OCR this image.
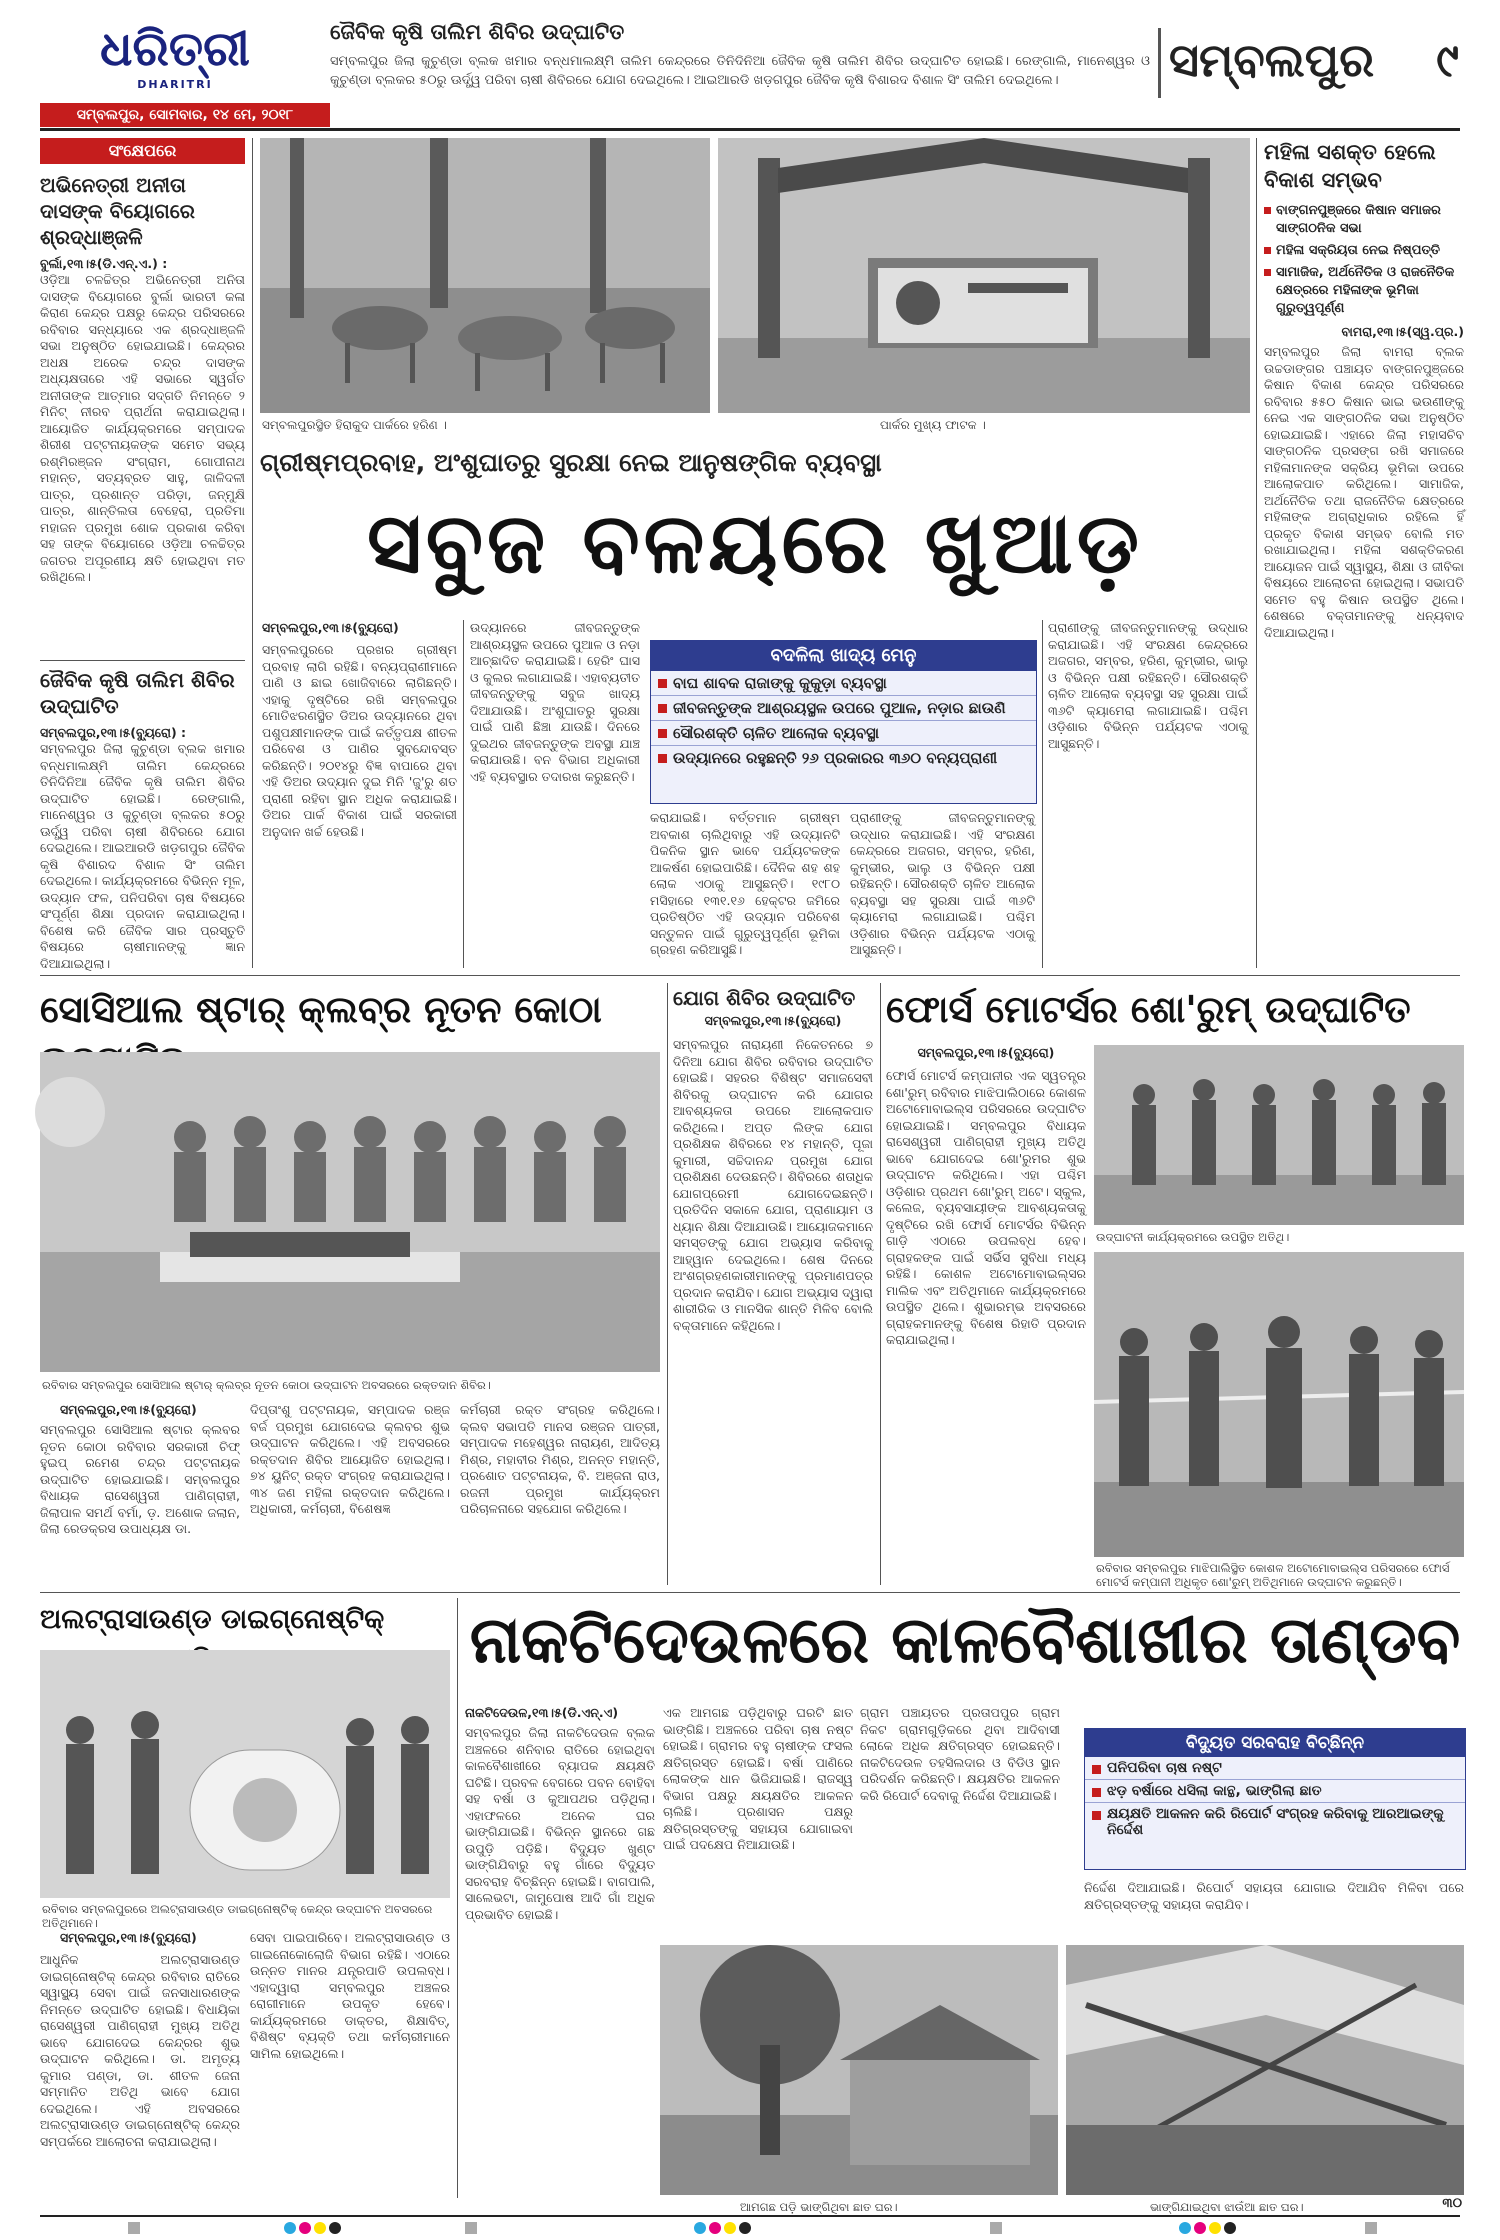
ଧରିତ୍ରୀ
DHARITRI
ସମ୍ବଲପୁର, ସୋମବାର, ୧୪ ମେ, ୨୦୧୮
ଜୈବିକ କୃଷି ତାଲିମ ଶିବିର ଉଦ୍‌ଘାଟିତ
ସମ୍ବଲପୁର ଜିଲା କୁଚୁଣ୍ଡା ବ୍ଲକ ଖମାର ବନ୍ଧମାଲକ୍ଷ୍ମି ତାଲିମ କେନ୍ଦ୍ରରେ ତିନିଦିନିଆ ଜୈବିକ କୃଷି ତାଲିମ ଶିବିର ଉଦ୍‌ଘାଟିତ ହୋଇଛି। ରେଙ୍ଗାଲି, ମାନେଶ୍ୱର ଓ କୁଚୁଣ୍ଡା ବ୍ଲକର ୫୦ରୁ ଊର୍ଦ୍ଧ୍ୱ ପରିବା ଚାଷୀ ଶିବିରରେ ଯୋଗ ଦେଇଥିଲେ। ଆଇଆରଡି ଖଡ଼ଗପୁର ଜୈବିକ କୃଷି ବିଶାରଦ ବିଶାଳ ସିଂ ତାଲିମ ଦେଇଥିଲେ।	ସମ୍ବଲପୁର ୯
ସଂକ୍ଷେପରେ
ଅଭିନେତ୍ରୀ ଅନୀତା ଦାସଙ୍କ ବିୟୋଗରେ ଶ୍ରଦ୍ଧାଞ୍ଜଳି
ବୁର୍ଲା,୧୩।୫(ଡି.ଏନ୍‌.ଏ.) :
ଓଡ଼ିଆ ଚଳଚ୍ଚିତ୍ର ଅଭିନେତ୍ରୀ ଅନିତା ଦାସଙ୍କ ବିୟୋଗରେ ବୁର୍ଲା ଭାରତୀ କଳା କିରାଣ କେନ୍ଦ୍ର ପକ୍ଷରୁ କେନ୍ଦ୍ର ପରିସରରେ ରବିବାର ସନ୍ଧ୍ୟାରେ ଏକ ଶ୍ରଦ୍ଧାଞ୍ଜଳି ସଭା ଅନୁଷ୍ଠିତ ହୋଇଯାଇଛି। କେନ୍ଦ୍ରର ଅଧକ୍ଷ ଅରେକ ଚନ୍ଦ୍ର ଦାସଙ୍କ ଅଧ୍ୟକ୍ଷତାରେ ଏହି ସଭାରେ ସ୍ୱର୍ଗତ ଅନୀତାଙ୍କ ଆତ୍ମାର ସଦ୍‌ଗତି ନିମନ୍ତେ ୨ ମିନିଟ୍ ନୀରବ ପ୍ରାର୍ଥନା କରାଯାଇଥିଲା। ଆୟୋଜିତ କାର୍ଯ୍ୟକ୍ରମରେ ସମ୍ପାଦକ ଶିରୀଶ ପଟ୍ଟନାୟକଙ୍କ ସମେତ ସଭ୍ୟ ରଶ୍ମିରଞ୍ଜନ ସଂଗ୍ରାମ, ଗୋପୀନାଥ ମହାନ୍ତ, ସତ୍ୟବ୍ରତ ସାହୁ, ଜାଳିଦଳୀ ପାତ୍ର, ପ୍ରଶାନ୍ତ ପରିଡ଼ା, ଜନ୍ମୁକ୍ଷି ପାତ୍ର, ଶାନ୍ତିଲତା ବେହେରା, ପ୍ରତିମା ମହାଜନ ପ୍ରମୁଖ ଶୋକ ପ୍ରକାଶ କରିବା ସହ ତାଙ୍କ ବିୟୋଗରେ ଓଡ଼ିଆ ଚଳଚ୍ଚିତ୍ର ଜଗତର ଅପୂରଣୀୟ କ୍ଷତି ହୋଇଥିବା ମତ ରଖିଥିଲେ।
ଜୈବିକ କୃଷି ତାଲିମ ଶିବିର ଉଦ୍‌ଘାଟିତ
ସମ୍ବଲପୁର,୧୩।୫(ବ୍ୟୁରୋ) :
ସମ୍ବଲପୁର ଜିଲା କୁଚୁଣ୍ଡା ବ୍ଲକ ଖମାର ବନ୍ଧମାଲକ୍ଷ୍ମି ତାଲିମ କେନ୍ଦ୍ରରେ ତିନିଦିନିଆ ଜୈବିକ କୃଷି ତାଲିମ ଶିବିର ଉଦ୍‌ଘାଟିତ ହୋଇଛି। ରେଙ୍ଗାଲି, ମାନେଶ୍ୱର ଓ କୁଚୁଣ୍ଡା ବ୍ଲକର ୫୦ରୁ ଊର୍ଦ୍ଧ୍ୱ ପରିବା ଚାଷୀ ଶିବିରରେ ଯୋଗ ଦେଇଥିଲେ। ଆଇଆରଡି ଖଡ଼ଗପୁର ଜୈବିକ କୃଷି ବିଶାରଦ ବିଶାଳ ସିଂ ତାଲିମ ଦେଇଥିଲେ। କାର୍ଯ୍ୟକ୍ରମରେ ବିଭିନ୍ନ ମୂଳ, ଉଦ୍ୟାନ ଫଳ, ପନିପରିବା ଚାଷ ବିଷୟରେ ସଂପୂର୍ଣ୍ଣ ଶିକ୍ଷା ପ୍ରଦାନ କରାଯାଇଥିଲା। ବିଶେଷ କରି ଜୈବିକ ସାର ପ୍ରସ୍ତୁତି ବିଷୟରେ ଚାଷୀମାନଙ୍କୁ ଜ୍ଞାନ ଦିଆଯାଇଥିଲା।
ସମ୍ବଲପୁରସ୍ଥିତ ହିରାକୁଦ ପାର୍କରେ ହରିଣ ।	ପାର୍କର ମୁଖ୍ୟ ଫାଟକ ।
ଗ୍ରୀଷ୍ମପ୍ରବାହ, ଅଂଶୁଘାତରୁ ସୁରକ୍ଷା ନେଇ ଆନୁଷଙ୍ଗିକ ବ୍ୟବସ୍ଥା
ସବୁଜ ବଳୟରେ ଖୁଆଡ଼
ସମ୍ବଲପୁର,୧୩।୫(ବ୍ୟୁରୋ)
ସମ୍ବଲପୁରରେ ପ୍ରଖର ଗ୍ରୀଷ୍ମ ପ୍ରବାହ ଲାଗି ରହିଛି। ବନ୍ୟପ୍ରାଣୀମାନେ ପାଣି ଓ ଛାଇ ଖୋଜିବାରେ ଲାଗିଛନ୍ତି। ଏହାକୁ ଦୃଷ୍ଟିରେ ରଖି ସମ୍ବଲପୁର ମୋତିଝରଣସ୍ଥିତ ଡିଅର ଉଦ୍ୟାନରେ ଥିବା ପଶୁପକ୍ଷୀମାନଙ୍କ ପାଇଁ କର୍ତ୍ତୃପକ୍ଷ ଶୀତଳ ପରିବେଶ ଓ ପାଣିର ସୁବନ୍ଦୋବସ୍ତ କରିଛନ୍ତି। ୨୦୧୪ରୁ ବିଜ୍ଞ ବାପାରେ ଥିବା ଏହି ଡିଅର ଉଦ୍ୟାନ ଦୁଇ ମିନି 'ଜୁ'ରୁ ଶତ ପ୍ରାଣୀ ରହିବା ସ୍ଥାନ ଅଧିକ କରାଯାଇଛି। ଡିଅର ପାର୍କ ବିକାଶ ପାଇଁ ସରକାରୀ ଅନୁଦାନ ଖର୍ଚ୍ଚ ହେଉଛି।
ଉଦ୍ୟାନରେ ଜୀବଜନ୍ତୁଙ୍କ ଆଶ୍ରୟସ୍ଥଳ ଉପରେ ପୁଆଳ ଓ ନଡ଼ା ଆଚ୍ଛାଦିତ କରାଯାଇଛି। ହେରିଂ ଘାସ ଓ କୁଲର ଲଗାଯାଇଛି। ଏହାବ୍ୟତୀତ ଜୀବଜନ୍ତୁଙ୍କୁ ସବୁଜ ଖାଦ୍ୟ ଦିଆଯାଉଛି। ଅଂଶୁଘାତରୁ ସୁରକ୍ଷା ପାଇଁ ପାଣି ଛିଞ୍ଚା ଯାଉଛି। ଦିନରେ ଦୁଇଥର ଜୀବଜନ୍ତୁଙ୍କ ଅବସ୍ଥା ଯାଞ୍ଚ କରାଯାଉଛି। ବନ ବିଭାଗ ଅଧିକାରୀ ଏହି ବ୍ୟବସ୍ଥାର ତଦାରଖ କରୁଛନ୍ତି।
ବଦଳିଲା ଖାଦ୍ୟ ମେନୁ
ବାଘ ଶାବକ ରାଜାଙ୍କୁ କୁକୁଡ଼ା ବ୍ୟବସ୍ଥା
ଜୀବଜନ୍ତୁଙ୍କ ଆଶ୍ରୟସ୍ଥଳ ଉପରେ ପୁଆଳ, ନଡ଼ାର ଛାଉଣି
ସୌରଶକ୍ତି ଚାଳିତ ଆଲୋକ ବ୍ୟବସ୍ଥା
ଉଦ୍ୟାନରେ ରହୁଛନ୍ତି ୨୬ ପ୍ରକାରର ୩୬୦ ବନ୍ୟପ୍ରାଣୀ
କରାଯାଇଛି। ବର୍ତ୍ତମାନ ଗ୍ରୀଷ୍ମ ଅବକାଶ ଚାଲିଥିବାରୁ ଏହି ଉଦ୍ୟାନଟି ପିକନିକ ସ୍ଥାନ ଭାବେ ପର୍ଯ୍ୟଟକଙ୍କ ଆକର୍ଷଣ ହୋଇପାରିଛି। ଦୈନିକ ଶହ ଶହ ଲୋକ ଏଠାକୁ ଆସୁଛନ୍ତି। ୧୯୮୦ ମସିହାରେ ୧୩୧.୧୬ ହେକ୍ଟର ଜମିରେ ପ୍ରତିଷ୍ଠିତ ଏହି ଉଦ୍ୟାନ ପରିବେଶ ସନ୍ତୁଳନ ପାଇଁ ଗୁରୁତ୍ୱପୂର୍ଣ୍ଣ ଭୂମିକା ଗ୍ରହଣ କରିଆସୁଛି।
ପ୍ରାଣୀଙ୍କୁ ଜୀବଜନ୍ତୁମାନଙ୍କୁ ଉଦ୍ଧାର କରାଯାଇଛି। ଏହି ସଂରକ୍ଷଣ କେନ୍ଦ୍ରରେ ଅଜଗର, ସମ୍ବର, ହରିଣ, କୁମ୍ଭୀର, ଭାଲୁ ଓ ବିଭିନ୍ନ ପକ୍ଷୀ ରହିଛନ୍ତି। ସୌରଶକ୍ତି ଚାଳିତ ଆଲୋକ ବ୍ୟବସ୍ଥା ସହ ସୁରକ୍ଷା ପାଇଁ ୩୬ଟି କ୍ୟାମେରା ଲଗାଯାଇଛି। ପଶ୍ଚିମ ଓଡ଼ିଶାର ବିଭିନ୍ନ ପର୍ଯ୍ୟଟକ ଏଠାକୁ ଆସୁଛନ୍ତି।
ପ୍ରାଣୀଙ୍କୁ ଜୀବଜନ୍ତୁମାନଙ୍କୁ ଉଦ୍ଧାର କରାଯାଇଛି। ଏହି ସଂରକ୍ଷଣ କେନ୍ଦ୍ରରେ ଅଜଗର, ସମ୍ବର, ହରିଣ, କୁମ୍ଭୀର, ଭାଲୁ ଓ ବିଭିନ୍ନ ପକ୍ଷୀ ରହିଛନ୍ତି। ସୌରଶକ୍ତି ଚାଳିତ ଆଲୋକ ବ୍ୟବସ୍ଥା ସହ ସୁରକ୍ଷା ପାଇଁ ୩୬ଟି କ୍ୟାମେରା ଲଗାଯାଇଛି। ପଶ୍ଚିମ ଓଡ଼ିଶାର ବିଭିନ୍ନ ପର୍ଯ୍ୟଟକ ଏଠାକୁ ଆସୁଛନ୍ତି।
ମହିଳା ସଶକ୍ତ ହେଲେ ବିକାଶ ସମ୍ଭବ
ବାଙ୍ଗନପୁଞ୍ଜରେ କିଷାନ ସମାଜର ସାଙ୍ଗଠନିକ ସଭା
ମହିଳା ସକ୍ରିୟତା ନେଇ ନିଷ୍ପତ୍ତି
ସାମାଜିକ, ଅର୍ଥନୈତିକ ଓ ରାଜନୈତିକ କ୍ଷେତ୍ରରେ ମହିଳାଙ୍କ ଭୂମିକା ଗୁରୁତ୍ୱପୂର୍ଣ୍ଣ
ବାମରା,୧୩।୫(ସ୍ୱ.ପ୍ର.)
ସମ୍ବଲପୁର ଜିଲା ବାମରା ବ୍ଲକ ଉଚ୍ଚଡାଙ୍ଗର ପଞ୍ଚାୟତ ବାଙ୍ଗନପୁଞ୍ଜରେ କିଷାନ ବିକାଶ କେନ୍ଦ୍ର ପରିସରରେ ରବିବାର ୫୫୦ କିଷାନ ଭାଇ ଭଉଣୀଙ୍କୁ ନେଇ ଏକ ସାଙ୍ଗଠନିକ ସଭା ଅନୁଷ୍ଠିତ ହୋଇଯାଇଛି। ଏହାରେ ଜିଲା ମହାସଚିବ ସାଙ୍ଗଠନିକ ପ୍ରସଙ୍ଗ ରଖି ସମାଜରେ ମହିଳାମାନଙ୍କ ସକ୍ରିୟ ଭୂମିକା ଉପରେ ଆଲୋକପାତ କରିଥିଲେ। ସାମାଜିକ, ଅର୍ଥନୈତିକ ତଥା ରାଜନୈତିକ କ୍ଷେତ୍ରରେ ମହିଳାଙ୍କ ଅଗ୍ରାଧିକାର ରହିଲେ ହିଁ ପ୍ରକୃତ ବିକାଶ ସମ୍ଭବ ବୋଲି ମତ ରଖାଯାଇଥିଲା। ମହିଳା ସଶକ୍ତିକରଣ ଆୟୋଜନ ପାଇଁ ସ୍ୱାସ୍ଥ୍ୟ, ଶିକ୍ଷା ଓ ଜୀବିକା ବିଷୟରେ ଆଲୋଚନା ହୋଇଥିଲା। ସଭାପତି ସମେତ ବହୁ କିଷାନ ଉପସ୍ଥିତ ଥିଲେ। ଶେଷରେ ବକ୍ତାମାନଙ୍କୁ ଧନ୍ୟବାଦ ଦିଆଯାଇଥିଲା।
ସୋସିଆଲ ଷ୍ଟାର୍ କ୍ଲବ୍‌ର ନୂତନ କୋଠା
ରବିବାର ସମ୍ବଲପୁର ସୋସିଆଲ ଷ୍ଟାର୍ କ୍ଲବ୍‌ର ନୂତନ କୋଠା ଉଦ୍‌ଘାଟନ ଅବସରରେ ରକ୍ତଦାନ ଶିବିର।
ସମ୍ବଲପୁର,୧୩।୫(ବ୍ୟୁରୋ)
ସମ୍ବଲପୁର ସୋସିଆଲ ଷ୍ଟାର କ୍ଲବର ନୂତନ କୋଠା ରବିବାର ସରକାରୀ ଚିଫ୍ ହୁଇପ୍ ରମେଶ ଚନ୍ଦ୍ର ପଟ୍ଟନାୟକ ଉଦ୍‌ଘାଟିତ ହୋଇଯାଇଛି। ସମ୍ବଲପୁର ବିଧାୟକ ରାସେଶ୍ୱରୀ ପାଣିଗ୍ରାହୀ, ଜିଲାପାଳ ସମର୍ଥ ବର୍ମା, ଡ଼. ଅଶୋକ ଜଲାନ, ଜିଲା ରେଡକ୍ରସ ଉପାଧ୍ୟକ୍ଷ ଡା.
ଦିପ୍ତାଂଶୁ ପଟ୍ଟନାୟକ, ସମ୍ପାଦକ ରଞ୍ଜ ବର୍ଜ ପ୍ରମୁଖ ଯୋଗଦେଇ କ୍ଲବର ଶୁଭ ଉଦ୍‌ଘାଟନ କରିଥିଲେ। ଏହି ଅବସରରେ ରକ୍ତଦାନ ଶିବିର ଆୟୋଜିତ ହୋଇଥିଲା। ୭୪ ୟୁନିଟ୍ ରକ୍ତ ସଂଗ୍ରହ କରାଯାଇଥିଲା। ୩୪ ଜଣ ମହିଳା ରକ୍ତଦାନ କରିଥିଲେ। ଅଧିକାରୀ, କର୍ମଚାରୀ, ବିଶେଷଜ୍ଞ
କର୍ମଚାରୀ ରକ୍ତ ସଂଗ୍ରହ କରିଥିଲେ। କ୍ଲବ ସଭାପତି ମାନସ ରଞ୍ଜନ ପାତ୍ରୀ, ସମ୍ପାଦକ ମହେଶ୍ୱର ନାରାୟଣ, ଆଦିତ୍ୟ ମିଶ୍ର, ମହାବୀର ମିଶ୍ର, ଅନନ୍ତ ମହାନ୍ତି, ପ୍ରଶୋତ ପଟ୍ଟନାୟକ, ବି. ଅଞ୍ଜନା ରାଓ, ରଜନୀ ପ୍ରମୁଖ କାର୍ଯ୍ୟକ୍ରମ ପରିଚାଳନାରେ ସହଯୋଗ କରିଥିଲେ।
ଯୋଗ ଶିବିର ଉଦ୍‌ଘାଟିତ
ସମ୍ବଲପୁର,୧୩।୫(ବ୍ୟୁରୋ)
ସମ୍ବଲପୁର ନାରାୟଣୀ ନିକେତନରେ ୭ ଦିନିଆ ଯୋଗ ଶିବିର ରବିବାର ଉଦ୍‌ଘାଟିତ ହୋଇଛି। ସହରର ବିଶିଷ୍ଟ ସମାଜସେବୀ ଶିବିରକୁ ଉଦ୍‌ଘାଟନ କରି ଯୋଗର ଆବଶ୍ୟକତା ଉପରେ ଆଲୋକପାତ କରିଥିଲେ। ଅପ୍ତ ଲିଙ୍କ ଯୋଗ ପ୍ରଶିକ୍ଷକ ଶିବିରରେ ୧୪ ମହାନ୍ତି, ପୂଜା କୁମାରୀ, ସଚ୍ଚିଦାନନ୍ଦ ପ୍ରମୁଖ ଯୋଗ ପ୍ରଶିକ୍ଷଣ ଦେଉଛନ୍ତି। ଶିବିରରେ ଶତାଧିକ ଯୋଗପ୍ରେମୀ ଯୋଗଦେଇଛନ୍ତି। ପ୍ରତିଦିନ ସକାଳେ ଯୋଗ, ପ୍ରାଣାୟାମ ଓ ଧ୍ୟାନ ଶିକ୍ଷା ଦିଆଯାଉଛି। ଆୟୋଜକମାନେ ସମସ୍ତଙ୍କୁ ଯୋଗ ଅଭ୍ୟାସ କରିବାକୁ ଆହ୍ୱାନ ଦେଇଥିଲେ। ଶେଷ ଦିନରେ ଅଂଶଗ୍ରହଣକାରୀମାନଙ୍କୁ ପ୍ରମାଣପତ୍ର ପ୍ରଦାନ କରାଯିବ। ଯୋଗ ଅଭ୍ୟାସ ଦ୍ୱାରା ଶାରୀରିକ ଓ ମାନସିକ ଶାନ୍ତି ମିଳିବ ବୋଲି ବକ୍ତାମାନେ କହିଥିଲେ।
ଫୋର୍ସ ମୋଟର୍ସର ଶୋ'ରୁମ୍ ଉଦ୍‌ଘାଟିତ
ସମ୍ବଲପୁର,୧୩।୫(ବ୍ୟୁରୋ)
ଫୋର୍ସ ମୋଟର୍ସ କମ୍ପାନୀର ଏକ ସ୍ୱତନ୍ତ୍ର ଶୋ'ରୁମ୍ ରବିବାର ମାଝିପାଲିଠାରେ କୋଶଳ ଅଟୋମୋବାଇଲ୍ସ ପରିସରରେ ଉଦ୍‌ଘାଟିତ ହୋଇଯାଇଛି। ସମ୍ବଲପୁର ବିଧାୟକ ରାସେଶ୍ୱରୀ ପାଣିଗ୍ରାହୀ ମୁଖ୍ୟ ଅତିଥି ଭାବେ ଯୋଗଦେଇ ଶୋ'ରୁମର ଶୁଭ ଉଦ୍‌ଘାଟନ କରିଥିଲେ। ଏହା ପଶ୍ଚିମ ଓଡ଼ିଶାର ପ୍ରଥମ ଶୋ'ରୁମ୍ ଅଟେ। ସ୍କୁଲ, କଲେଜ, ବ୍ୟବସାୟୀଙ୍କ ଆବଶ୍ୟକତାକୁ ଦୃଷ୍ଟିରେ ରଖି ଫୋର୍ସ ମୋଟର୍ସର ବିଭିନ୍ନ ଗାଡ଼ି ଏଠାରେ ଉପଲବ୍ଧ ହେବ। ଗ୍ରାହକଙ୍କ ପାଇଁ ସର୍ଭିସ ସୁବିଧା ମଧ୍ୟ ରହିଛି। କୋଶଳ ଅଟୋମୋବାଇଲ୍ସର ମାଲିକ ଏବଂ ଅତିଥିମାନେ କାର୍ଯ୍ୟକ୍ରମରେ ଉପସ୍ଥିତ ଥିଲେ। ଶୁଭାରମ୍ଭ ଅବସରରେ ଗ୍ରାହକମାନଙ୍କୁ ବିଶେଷ ରିହାତି ପ୍ରଦାନ କରାଯାଇଥିଲା।
ଉଦ୍‌ଘାଟନୀ କାର୍ଯ୍ୟକ୍ରମରେ ଉପସ୍ଥିତ ଅତିଥି।
ରବିବାର ସମ୍ବଲପୁର ମାଝିପାଲିସ୍ଥିତ କୋଶଳ ଅଟୋମୋବାଇଲ୍ସ ପରିସରରେ ଫୋର୍ସ ମୋଟର୍ସ କମ୍ପାନୀ ଅଧିକୃତ ଶୋ'ରୁମ୍ ଅତିଥିମାନେ ଉଦ୍‌ଘାଟନ କରୁଛନ୍ତି।
ଅଲଟ୍ରାସାଉଣ୍ଡ ଡାଇଗ୍ନୋଷ୍ଟିକ୍
ରବିବାର ସମ୍ବଲପୁରରେ ଅଲଟ୍ରାସାଉଣ୍ଡ ଡାଇଗ୍ନୋଷ୍ଟିକ୍ କେନ୍ଦ୍ର ଉଦ୍‌ଘାଟନ ଅବସରରେ ଅତିଥିମାନେ।
ସମ୍ବଲପୁର,୧୩।୫(ବ୍ୟୁରୋ)
ଆଧୁନିକ ଅଲଟ୍ରାସାଉଣ୍ଡ ଡାଇଗ୍ନୋଷ୍ଟିକ୍ କେନ୍ଦ୍ର ରବିବାର ରାତିରେ ସ୍ୱାସ୍ଥ୍ୟ ସେବା ପାଇଁ ଜନସାଧାରଣଙ୍କ ନିମନ୍ତେ ଉଦ୍‌ଘାଟିତ ହୋଇଛି। ବିଧାୟିକା ରାସେଶ୍ୱରୀ ପାଣିଗ୍ରାହୀ ମୁଖ୍ୟ ଅତିଥି ଭାବେ ଯୋଗଦେଇ କେନ୍ଦ୍ରର ଶୁଭ ଉଦ୍‌ଘାଟନ କରିଥିଲେ। ଡା. ଅମୃତ୍ୟ କୁମାର ପଣ୍ଡା, ଡା. ଶୀତଳ ଜେନା ସମ୍ମାନିତ ଅତିଥି ଭାବେ ଯୋଗ ଦେଇଥିଲେ। ଏହି ଅବସରରେ ଅଲଟ୍ରାସାଉଣ୍ଡ ଡାଇଗ୍ନୋଷ୍ଟିକ୍ କେନ୍ଦ୍ର ସମ୍ପର୍କରେ ଆଲୋଚନା କରାଯାଇଥିଲା।
ସେବା ପାଇପାରିବେ। ଅଲଟ୍ରାସାଉଣ୍ଡ ଓ ଗାଇନୋକୋଲୋଜି ବିଭାଗ ରହିଛି। ଏଠାରେ ଉନ୍ନତ ମାନର ଯନ୍ତ୍ରପାତି ଉପଲବ୍ଧ। ଏହାଦ୍ୱାରା ସମ୍ବଲପୁର ଅଞ୍ଚଳର ରୋଗୀମାନେ ଉପକୃତ ହେବେ। କାର୍ଯ୍ୟକ୍ରମରେ ଡାକ୍ତର, ଶିକ୍ଷାବିତ୍, ବିଶିଷ୍ଟ ବ୍ୟକ୍ତି ତଥା କର୍ମଚାରୀମାନେ ସାମିଲ ହୋଇଥିଲେ।
ନାକଟିଦେଉଳରେ କାଳବୈଶାଖୀର ତାଣ୍ଡବ
ନାକଟିଦେଉଳ,୧୩।୫(ଡି.ଏନ୍‌.ଏ)
ସମ୍ବଲପୁର ଜିଲା ନାକଟିଦେଉଳ ବ୍ଲକ ଅଞ୍ଚଳରେ ଶନିବାର ରାତିରେ ହୋଇଥିବା କାଳବୈଶାଖୀରେ ବ୍ୟାପକ କ୍ଷୟକ୍ଷତି ଘଟିଛି। ପ୍ରବଳ ବେଗରେ ପବନ ବୋହିବା ସହ ବର୍ଷା ଓ କୁଆପଥର ପଡ଼ିଥିଲା। ଏହାଫଳରେ ଅନେକ ଘର ଭାଙ୍ଗିଯାଇଛି। ବିଭିନ୍ନ ସ୍ଥାନରେ ଗଛ ଉପୁଡ଼ି ପଡ଼ିଛି। ବିଦ୍ୟୁତ ଖୁଣ୍ଟ ଭାଙ୍ଗିଯିବାରୁ ବହୁ ଗାଁରେ ବିଦ୍ୟୁତ ସରବରାହ ବିଚ୍ଛିନ୍ନ ହୋଇଛି। ବାଗପାଲି, ସାଲେଭଟା, ଜାମୁପୋଷ ଆଦି ଗାଁ ଅଧିକ ପ୍ରଭାବିତ ହୋଇଛି।
ଏକ ଆମଗଛ ପଡ଼ିଥିବାରୁ ଘରଟି ଛାତ ଭାଙ୍ଗିଛି। ଅଞ୍ଚଳରେ ପରିବା ଚାଷ ନଷ୍ଟ ହୋଇଛି। ଗ୍ରାମର ବହୁ ଚାଷୀଙ୍କ ଫସଲ କ୍ଷତିଗ୍ରସ୍ତ ହୋଇଛି। ବର୍ଷା ପାଣିରେ ଲୋକଙ୍କ ଧାନ ଭିଜିଯାଇଛି। ରାଜସ୍ୱ ବିଭାଗ ପକ୍ଷରୁ କ୍ଷୟକ୍ଷତିର ଆକଳନ ଚାଲିଛି। ପ୍ରଶାସନ ପକ୍ଷରୁ କ୍ଷତିଗ୍ରସ୍ତଙ୍କୁ ସହାୟତା ଯୋଗାଇବା ପାଇଁ ପଦକ୍ଷେପ ନିଆଯାଉଛି।
ଗ୍ରାମ ପଞ୍ଚାୟତର ପ୍ରତାପପୁର ଗ୍ରାମ ନିକଟ ଗ୍ରାମଗୁଡ଼ିକରେ ଥିବା ଆଦିବାସୀ ଲୋକେ ଅଧିକ କ୍ଷତିଗ୍ରସ୍ତ ହୋଇଛନ୍ତି। ନାକଟିଦେଉଳ ତହସିଲଦାର ଓ ବିଡିଓ ସ୍ଥାନ ପରିଦର୍ଶନ କରିଛନ୍ତି। କ୍ଷୟକ୍ଷତିର ଆକଳନ କରି ରିପୋର୍ଟ ଦେବାକୁ ନିର୍ଦ୍ଦେଶ ଦିଆଯାଇଛି।
ବିଦ୍ୟୁତ ସରବରାହ ବିଚ୍ଛିନ୍ନ
ପନିପରିବା ଚାଷ ନଷ୍ଟ
ଝଡ଼ ବର୍ଷାରେ ଧସିଲା କାନ୍ଥ, ଭାଙ୍ଗିଲା ଛାତ
କ୍ଷୟକ୍ଷତି ଆକଳନ କରି ରିପୋର୍ଟ ସଂଗ୍ରହ କରିବାକୁ ଆରଆଇଙ୍କୁ ନିର୍ଦ୍ଦେଶ
ନିର୍ଦ୍ଦେଶ ଦିଆଯାଇଛି। ରିପୋର୍ଟ ସହାୟତା ଯୋଗାଇ ଦିଆଯିବ ମିଳିବା ପରେ କ୍ଷତିଗ୍ରସ୍ତଙ୍କୁ ସହାୟତା କରାଯିବ।
ଆମଗଛ ପଡ଼ି ଭାଙ୍ଗିଥିବା ଛାତ ଘର।	ଭାଙ୍ଗିଯାଇଥିବା ଝାଉଁଆ ଛାତ ଘର।	୩୦
